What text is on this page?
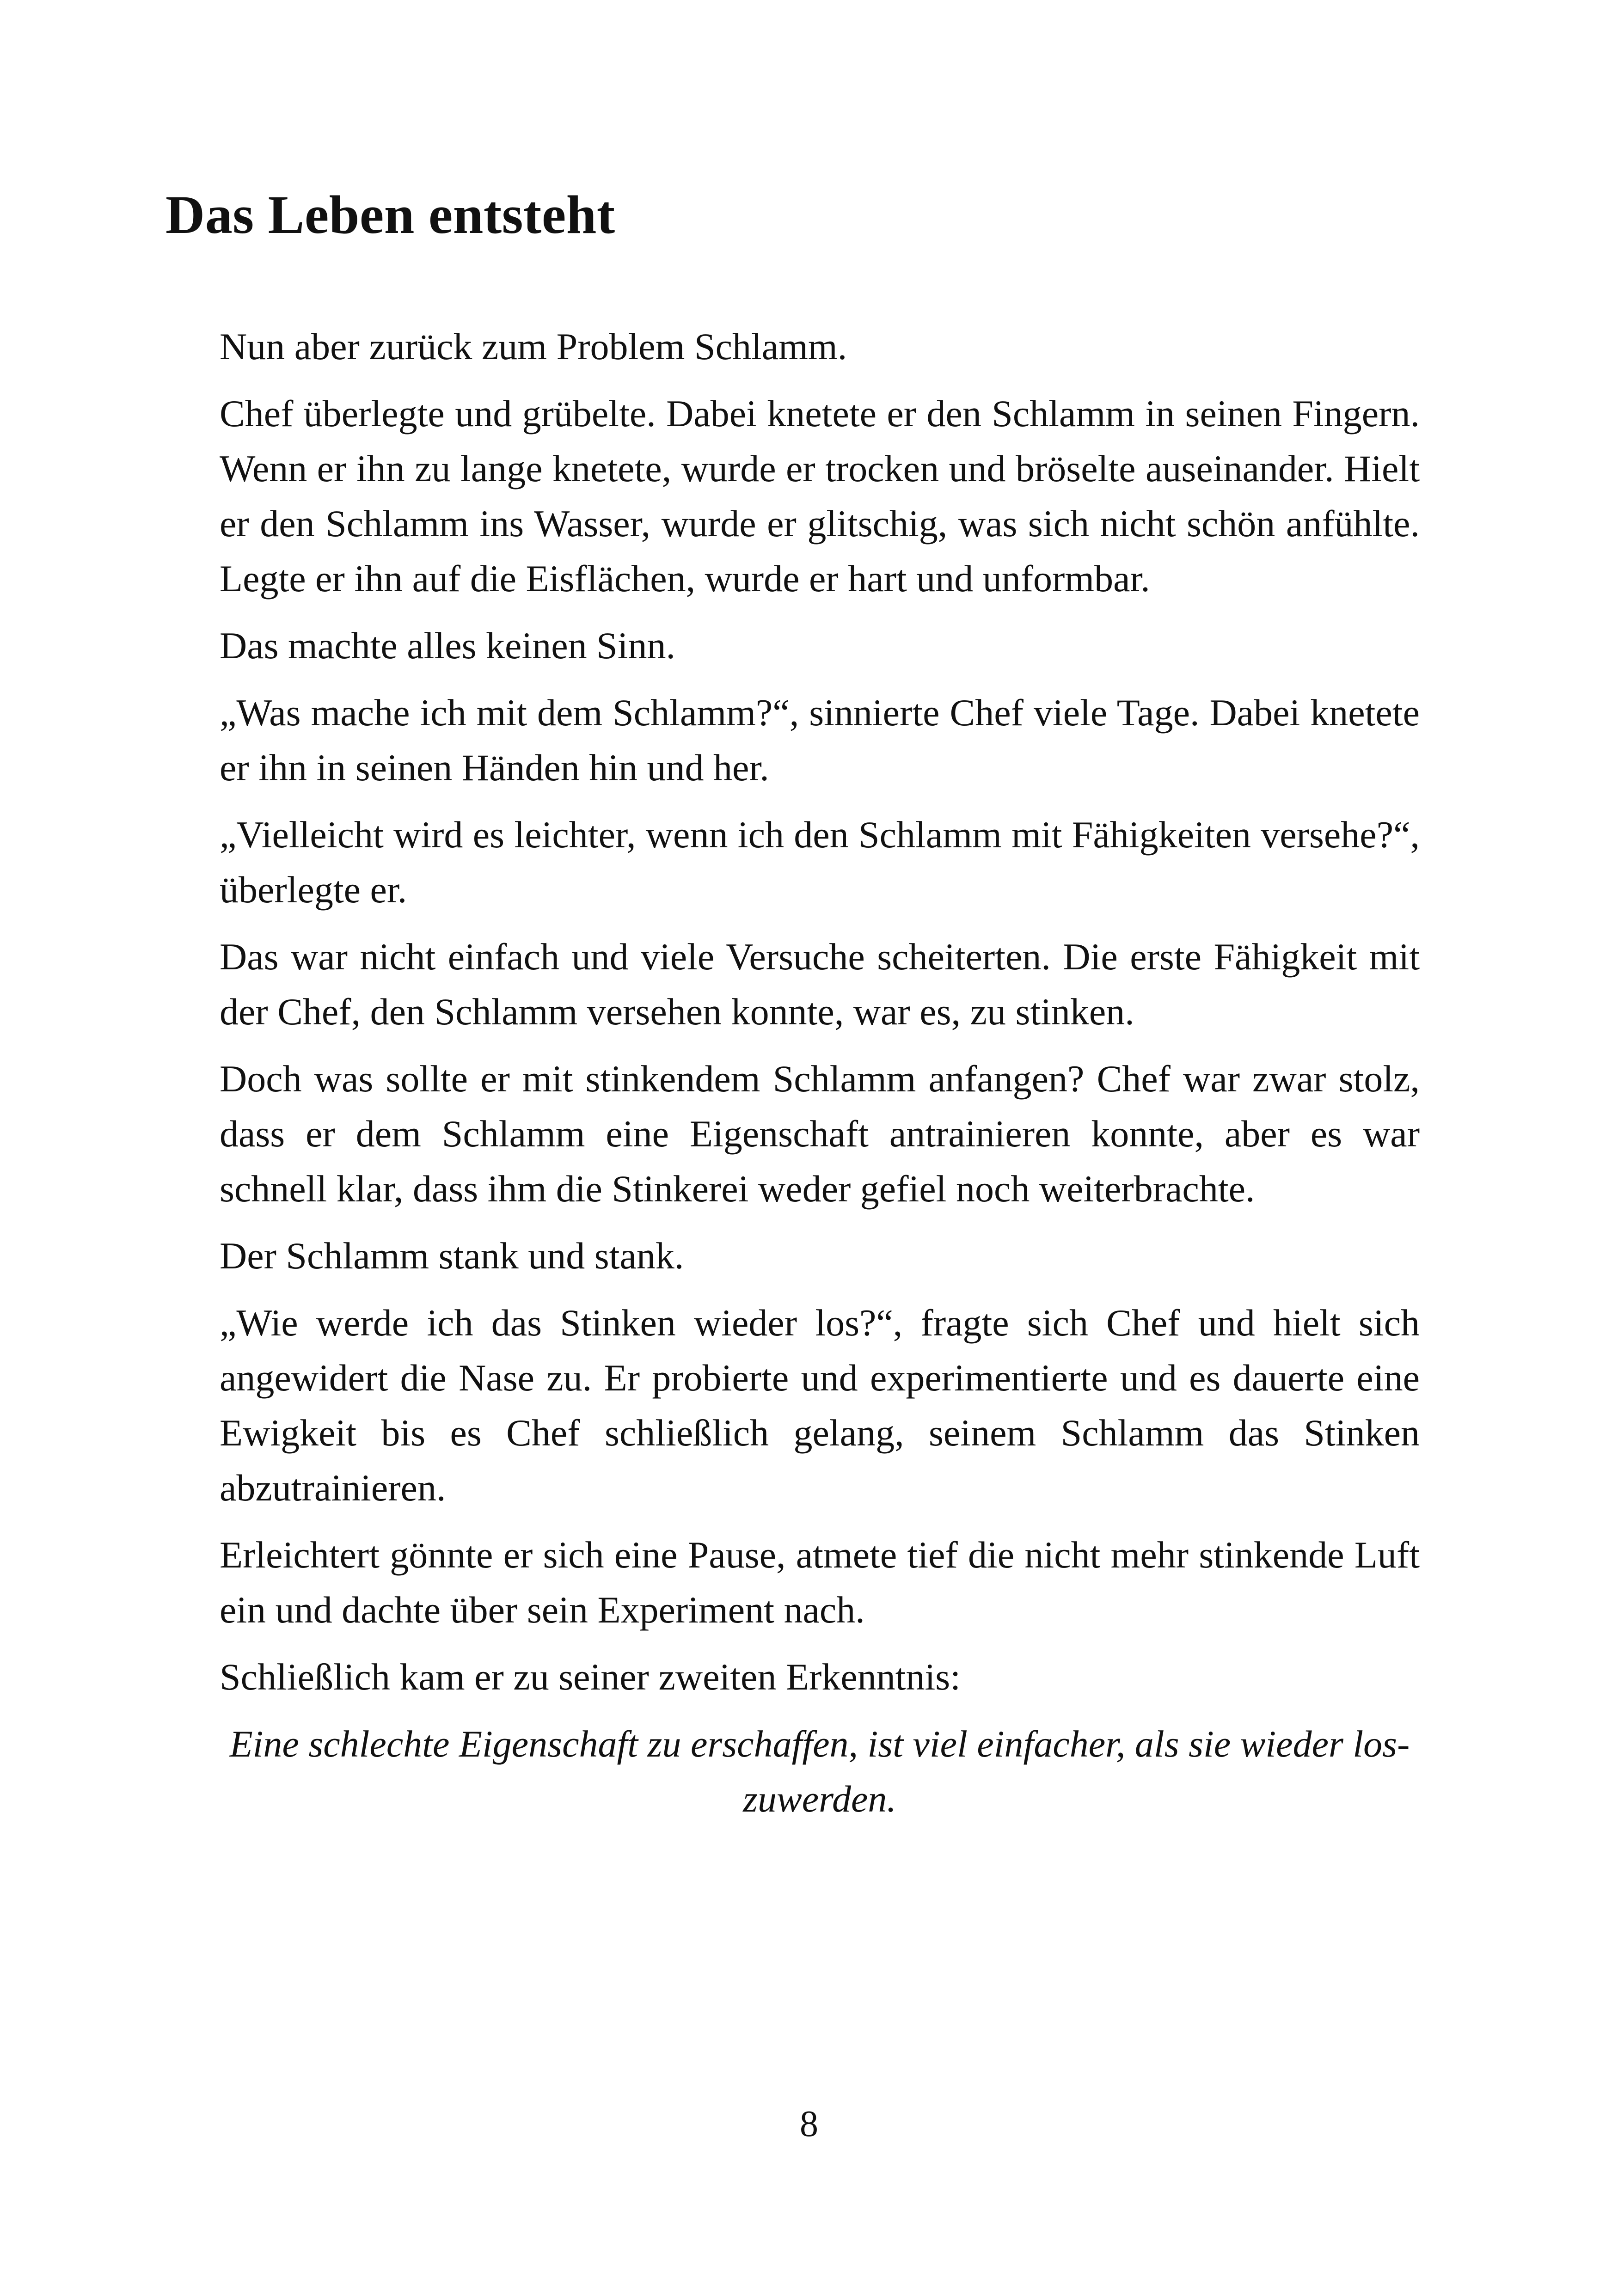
Das Leben entsteht

Nun aber zurück zum Problem Schlamm.

Chef überlegte und grübelte. Dabei knetete er den Schlamm in seinen Fingern. Wenn er ihn zu lange knetete, wurde er trocken und bröselte auseinander. Hielt er den Schlamm ins Wasser, wurde er glitschig, was sich nicht schön anfühlte. Legte er ihn auf die Eisflächen, wurde er hart und unformbar.

Das machte alles keinen Sinn.

„Was mache ich mit dem Schlamm?“, sinnierte Chef viele Tage. Dabei knetete er ihn in seinen Händen hin und her.

„Vielleicht wird es leichter, wenn ich den Schlamm mit Fähigkeiten versehe?“, überlegte er.

Das war nicht einfach und viele Versuche scheiterten. Die erste Fähigkeit mit der Chef, den Schlamm versehen konnte, war es, zu stinken.

Doch was sollte er mit stinkendem Schlamm anfangen? Chef war zwar stolz, dass er dem Schlamm eine Eigenschaft antrainieren konnte, aber es war schnell klar, dass ihm die Stinkerei weder gefiel noch weiterbrachte.

Der Schlamm stank und stank.

„Wie werde ich das Stinken wieder los?“, fragte sich Chef und hielt sich angewidert die Nase zu. Er probierte und experimentierte und es dauerte eine Ewigkeit bis es Chef schließlich gelang, seinem Schlamm das Stinken abzutrainieren.

Erleichtert gönnte er sich eine Pause, atmete tief die nicht mehr stinkende Luft ein und dachte über sein Experiment nach.

Schließlich kam er zu seiner zweiten Erkenntnis:

Eine schlechte Eigenschaft zu erschaffen, ist viel einfacher, als sie wieder loszuwerden.

8
